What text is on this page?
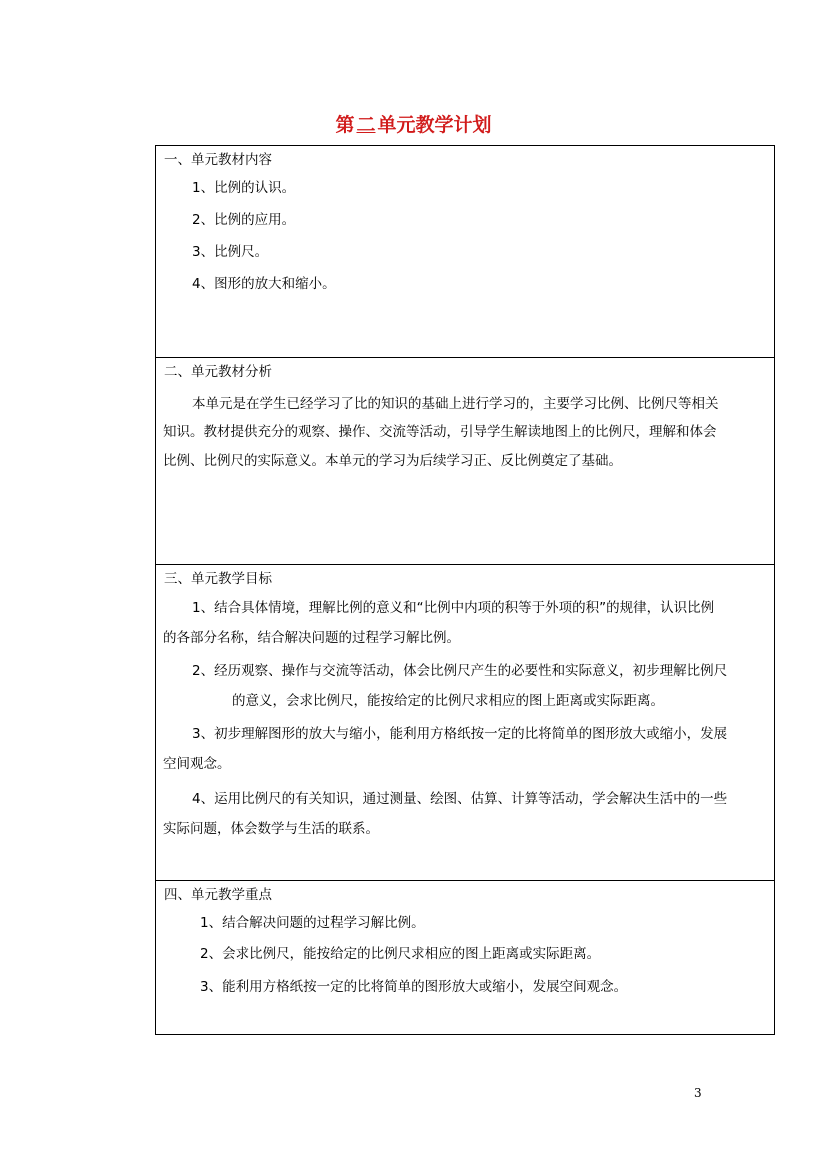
第 二 单元教学计划
一、单元教材内容
1、比例的认识。
2、比例的应用。
3、比例尺。
4、图形的放大和缩小。
二、单元教材分析
本单元是在学生已经学习了比的知识的基础上进行学习的，主要学习比例、比例尺等相关
知识。教材提供充分的观察、操作、交流等活动，引导学生解读地图上的比例尺，理解和体会
比例、比例尺的实际意义。本单元的学习为后续学习正、反比例奠定了基础。
三、单元教学目标
1、结合具体情境，理解比例的意义和“比例中内项的积等于外项的积”的规律，认识比例
的各部分名称，结合解决问题的过程学习解比例。
2、经历观察、操作与交流等活动，体会比例尺产生的必要性和实际意义，初步理解比例尺
的意义，会求比例尺，能按给定的比例尺求相应的图上距离或实际距离。
3、初步理解图形的放大与缩小，能利用方格纸按一定的比将简单的图形放大或缩小，发展
空间观念。
4、运用比例尺的有关知识，通过测量、绘图、估算、计算等活动，学会解决生活中的一些
实际问题，体会数学与生活的联系。
四、单元教学重点
1、结合解决问题的过程学习解比例。
2、会求比例尺，能按给定的比例尺求相应的图上距离或实际距离。
3、能利用方格纸按一定的比将简单的图形放大或缩小，发展空间观念。
3
